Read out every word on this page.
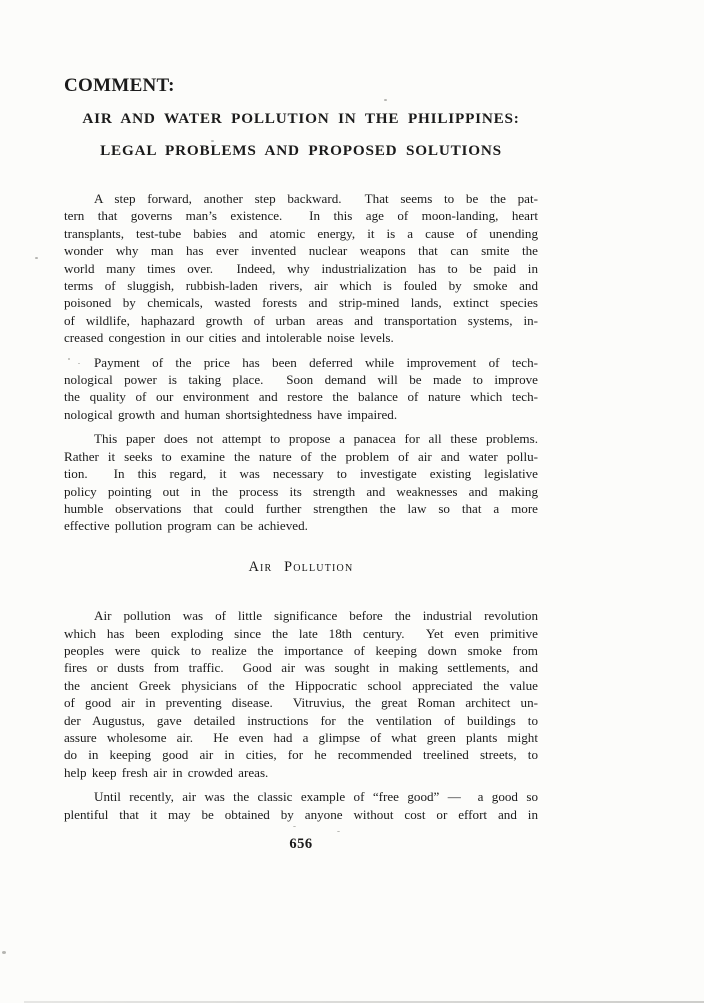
COMMENT:
AIR AND WATER POLLUTION IN THE PHILIPPINES:
LEGAL PROBLEMS AND PROPOSED SOLUTIONS
A step forward, another step backward.  That seems to be the pat-
tern that governs man’s existence.  In this age of moon-landing, heart
transplants, test-tube babies and atomic energy, it is a cause of unending
wonder why man has ever invented nuclear weapons that can smite the
world many times over.  Indeed, why industrialization has to be paid in
terms of sluggish, rubbish-laden rivers, air which is fouled by smoke and
poisoned by chemicals, wasted forests and strip-mined lands, extinct species
of wildlife, haphazard growth of urban areas and transportation systems, in-
creased congestion in our cities and intolerable noise levels.
Payment of the price has been deferred while improvement of tech-
nological power is taking place.  Soon demand will be made to improve
the quality of our environment and restore the balance of nature which tech-
nological growth and human shortsightedness have impaired.
This paper does not attempt to propose a panacea for all these problems.
Rather it seeks to examine the nature of the problem of air and water pollu-
tion.  In this regard, it was necessary to investigate existing legislative
policy pointing out in the process its strength and weaknesses and making
humble observations that could further strengthen the law so that a more
effective pollution program can be achieved.
Air Pollution
Air pollution was of little significance before the industrial revolution
which has been exploding since the late 18th century.  Yet even primitive
peoples were quick to realize the importance of keeping down smoke from
fires or dusts from traffic.  Good air was sought in making settlements, and
the ancient Greek physicians of the Hippocratic school appreciated the value
of good air in preventing disease.  Vitruvius, the great Roman architect un-
der Augustus, gave detailed instructions for the ventilation of buildings to
assure wholesome air.  He even had a glimpse of what green plants might
do in keeping good air in cities, for he recommended treelined streets, to
help keep fresh air in crowded areas.
Until recently, air was the classic example of “free good” —  a good so
plentiful that it may be obtained by anyone without cost or effort and in
656
